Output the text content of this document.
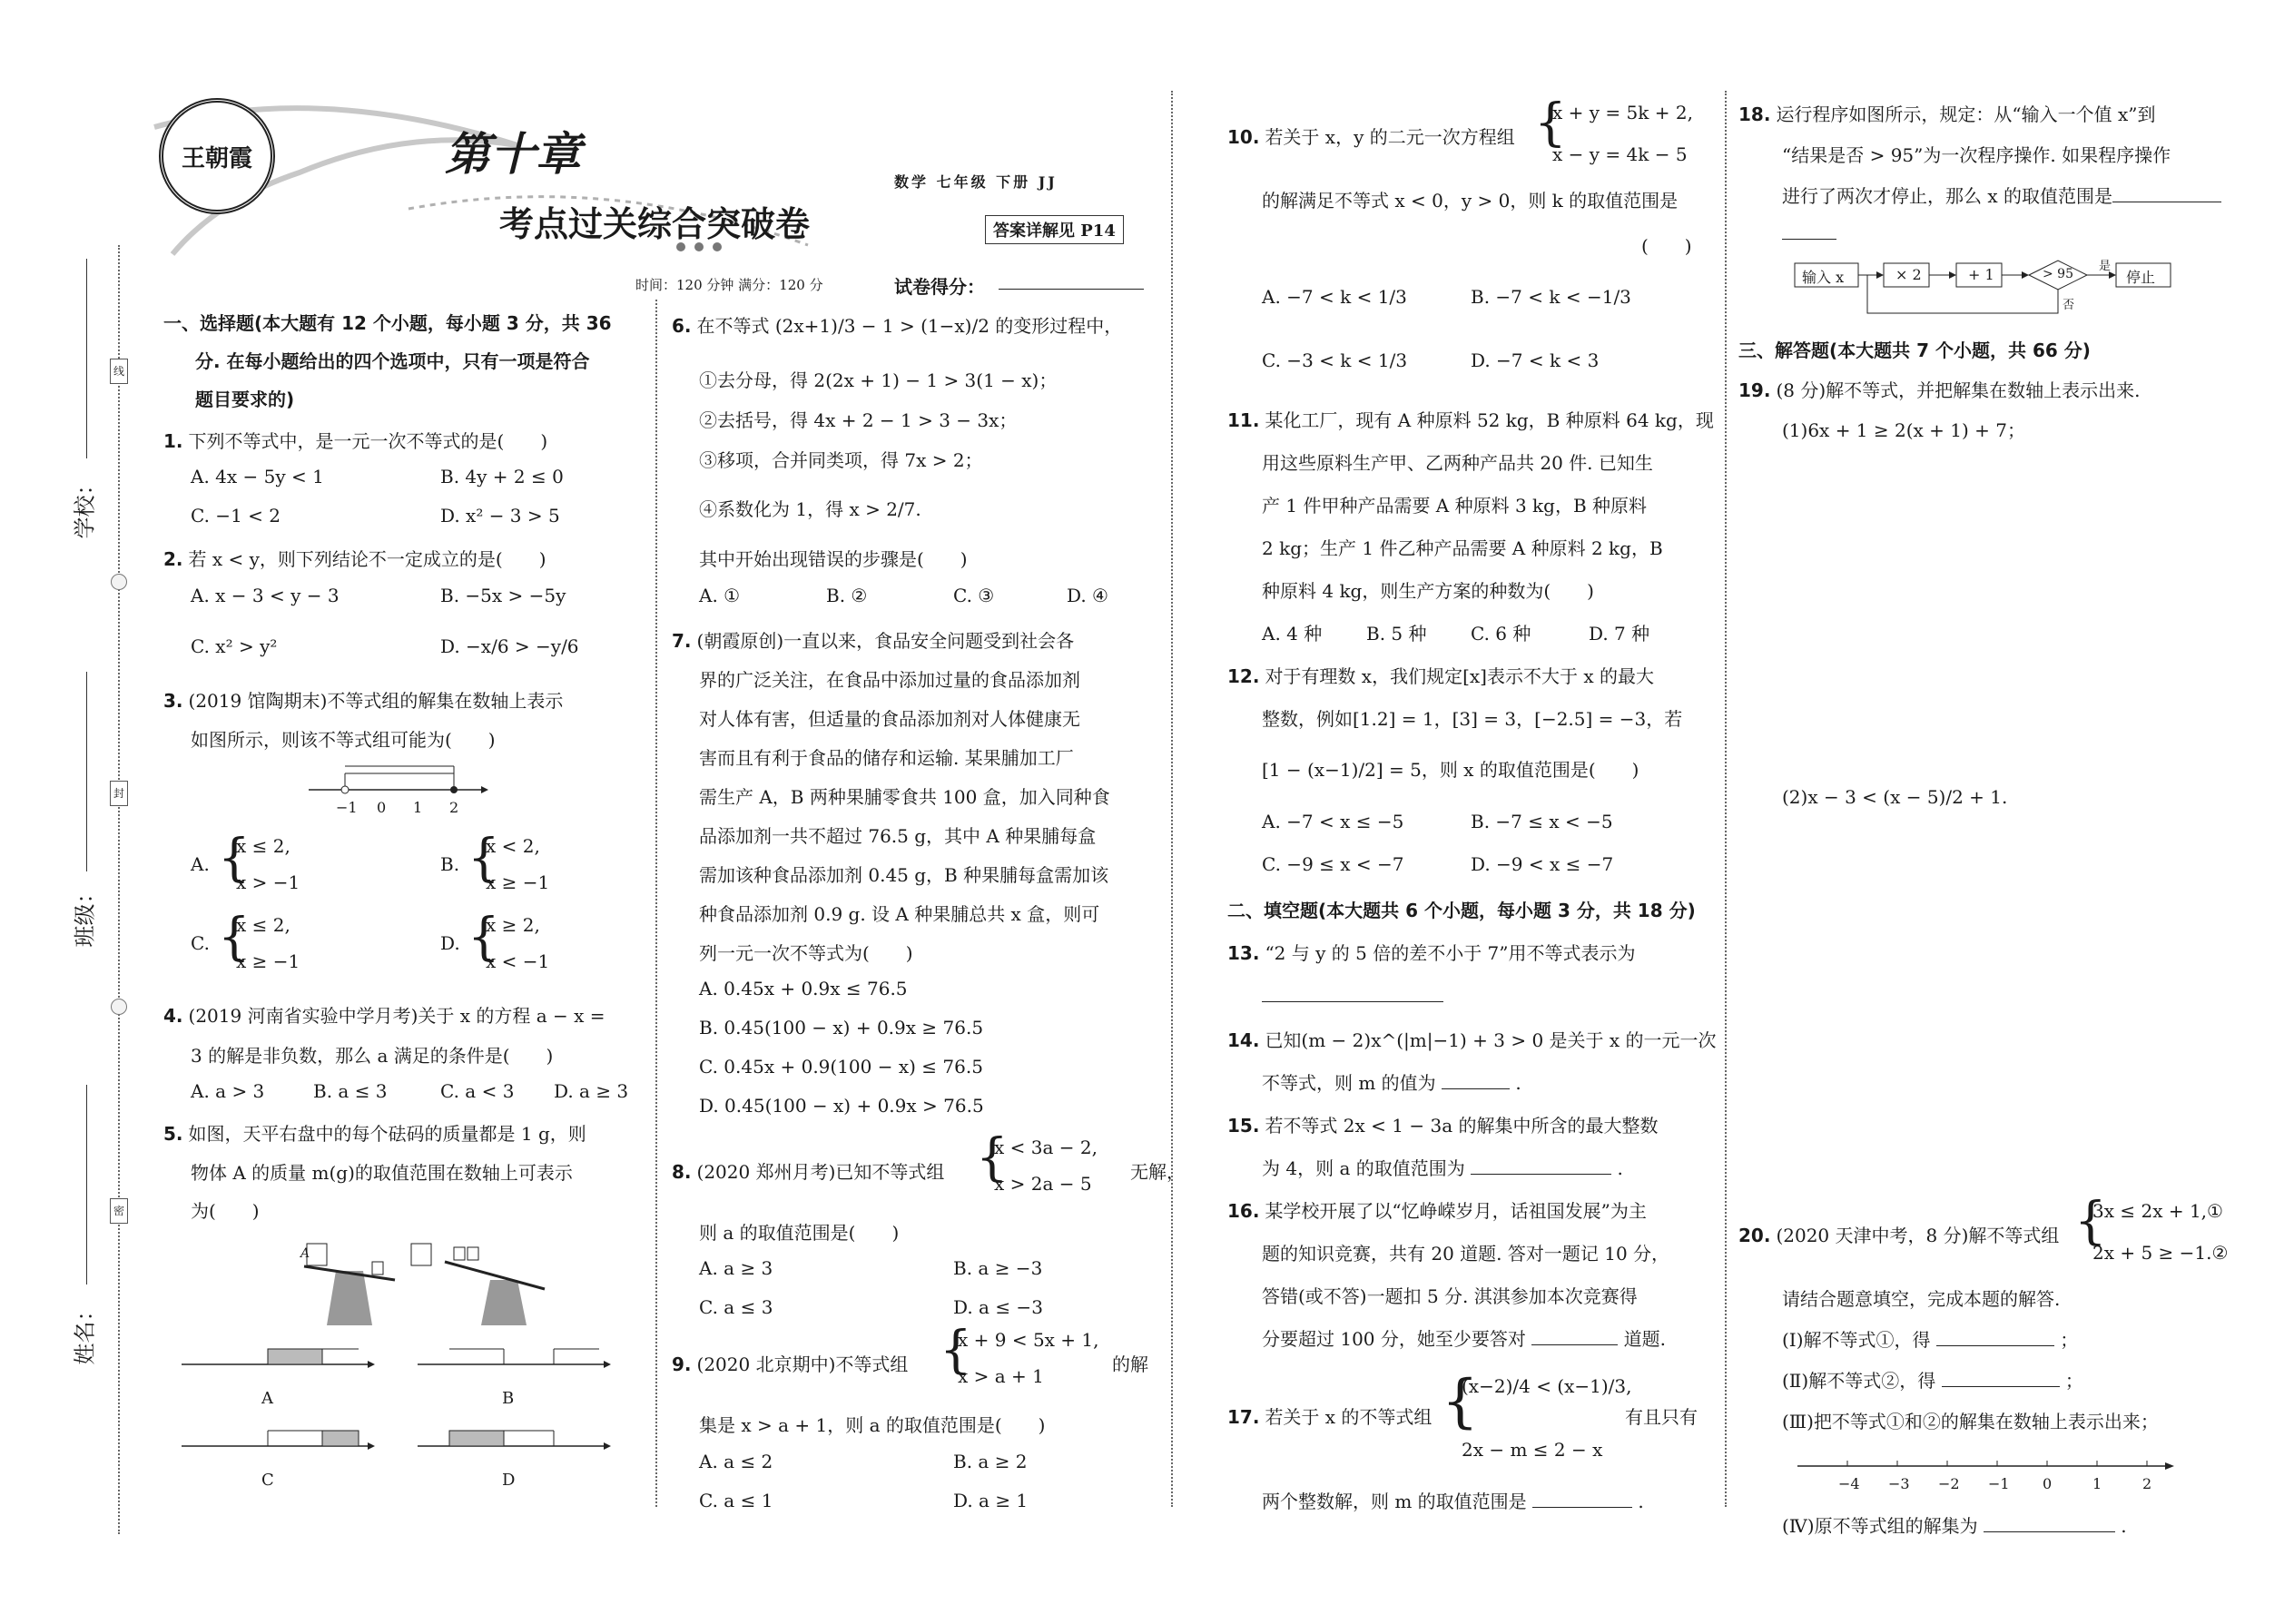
学校：
班级：
姓名：
线
封
密
王朝霞	第十章
考点过关综合突破卷
数学 七年级 下册 JJ
答案详解见 P14
时间：120 分钟 满分：120 分	试卷得分：
一、选择题(本大题有 12 个小题，每小题 3 分，共 36
分. 在每小题给出的四个选项中，只有一项是符合
题目要求的)
1. 下列不等式中，是一元一次不等式的是(　　)
A. 4x − 5y < 1	B. 4y + 2 ≤ 0
C. −1 < 2	D. x² − 3 > 5
2. 若 x < y，则下列结论不一定成立的是(　　)
A. x − 3 < y − 3	B. −5x > −5y
C. x² > y²	D. −x/6 > −y/6
3. (2019 馆陶期末)不等式组的解集在数轴上表示
如图所示，则该不等式组可能为(　　)
−1 0 1 2
A. {
x ≤ 2,
x > −1
B. {
x < 2,
x ≥ −1
C. {
x ≤ 2,
x ≥ −1
D. {
x ≥ 2,
x < −1
4. (2019 河南省实验中学月考)关于 x 的方程 a − x =
3 的解是非负数，那么 a 满足的条件是(　　)
A. a > 3	B. a ≤ 3	C. a < 3 D. a ≥ 3
5. 如图，天平右盘中的每个砝码的质量都是 1 g，则
物体 A 的质量 m(g)的取值范围在数轴上可表示
为(　　)
A
A	B
C	D
6. 在不等式 (2x+1)/3 − 1 > (1−x)/2 的变形过程中，
①去分母，得 2(2x + 1) − 1 > 3(1 − x)；
②去括号，得 4x + 2 − 1 > 3 − 3x；
③移项，合并同类项，得 7x > 2；
④系数化为 1，得 x > 2/7.
其中开始出现错误的步骤是(　　)
A. ①	B. ②	C. ③	D. ④
7. (朝霞原创)一直以来，食品安全问题受到社会各
界的广泛关注，在食品中添加过量的食品添加剂
对人体有害，但适量的食品添加剂对人体健康无
害而且有利于食品的储存和运输. 某果脯加工厂
需生产 A，B 两种果脯零食共 100 盒，加入同种食
品添加剂一共不超过 76.5 g，其中 A 种果脯每盒
需加该种食品添加剂 0.45 g，B 种果脯每盒需加该
种食品添加剂 0.9 g. 设 A 种果脯总共 x 盒，则可
列一元一次不等式为(　　)
A. 0.45x + 0.9x ≤ 76.5
B. 0.45(100 − x) + 0.9x ≥ 76.5
C. 0.45x + 0.9(100 − x) ≤ 76.5
D. 0.45(100 − x) + 0.9x > 76.5
8. (2020 郑州月考)已知不等式组 {
x < 3a − 2,
x > 2a − 5
无解，
则 a 的取值范围是(　　)
A. a ≥ 3	B. a ≥ −3
C. a ≤ 3	D. a ≤ −3
9. (2020 北京期中)不等式组 {
x + 9 < 5x + 1,
x > a + 1
的解
集是 x > a + 1，则 a 的取值范围是(　　)
A. a ≤ 2	B. a ≥ 2
C. a ≤ 1	D. a ≥ 1
10. 若关于 x，y 的二元一次方程组 {
x + y = 5k + 2,
x − y = 4k − 5
的解满足不等式 x < 0，y > 0，则 k 的取值范围是
(　　)
A. −7 < k < 1/3	B. −7 < k < −1/3
C. −3 < k < 1/3	D. −7 < k < 3
11. 某化工厂，现有 A 种原料 52 kg，B 种原料 64 kg，现
用这些原料生产甲、乙两种产品共 20 件. 已知生
产 1 件甲种产品需要 A 种原料 3 kg，B 种原料
2 kg；生产 1 件乙种产品需要 A 种原料 2 kg，B
种原料 4 kg，则生产方案的种数为(　　)
A. 4 种 B. 5 种 C. 6 种	D. 7 种
12. 对于有理数 x，我们规定[x]表示不大于 x 的最大
整数，例如[1.2] = 1，[3] = 3，[−2.5] = −3，若
[1 − (x−1)/2] = 5，则 x 的取值范围是(　　)
A. −7 < x ≤ −5	B. −7 ≤ x < −5
C. −9 ≤ x < −7	D. −9 < x ≤ −7
二、填空题(本大题共 6 个小题，每小题 3 分，共 18 分)
13. “2 与 y 的 5 倍的差不小于 7”用不等式表示为
14. 已知(m − 2)x^(|m|−1) + 3 > 0 是关于 x 的一元一次
不等式，则 m 的值为	.
15. 若不等式 2x < 1 − 3a 的解集中所含的最大整数
为 4，则 a 的取值范围为	.
16. 某学校开展了以“忆峥嵘岁月，话祖国发展”为主
题的知识竞赛，共有 20 道题. 答对一题记 10 分，
答错(或不答)一题扣 5 分. 淇淇参加本次竞赛得
分要超过 100 分，她至少要答对	道题.
17. 若关于 x 的不等式组 {
(x−2)/4 < (x−1)/3,
2x − m ≤ 2 − x
有且只有
两个整数解，则 m 的取值范围是	.
18. 运行程序如图所示，规定：从“输入一个值 x”到
“结果是否 > 95”为一次程序操作. 如果程序操作
进行了两次才停止，那么 x 的取值范围是
输入 x	× 2	+ 1	> 95
是
否
停止
三、解答题(本大题共 7 个小题，共 66 分)
19. (8 分)解不等式，并把解集在数轴上表示出来.
(1)6x + 1 ≥ 2(x + 1) + 7；
(2)x − 3 < (x − 5)/2 + 1.
20. (2020 天津中考，8 分)解不等式组 {
3x ≤ 2x + 1,①
2x + 5 ≥ −1.②
请结合题意填空，完成本题的解答.
(Ⅰ)解不等式①，得	；
(Ⅱ)解不等式②，得	；
(Ⅲ)把不等式①和②的解集在数轴上表示出来；
−4 −3 −2 −1 0	1	2
(Ⅳ)原不等式组的解集为	.
